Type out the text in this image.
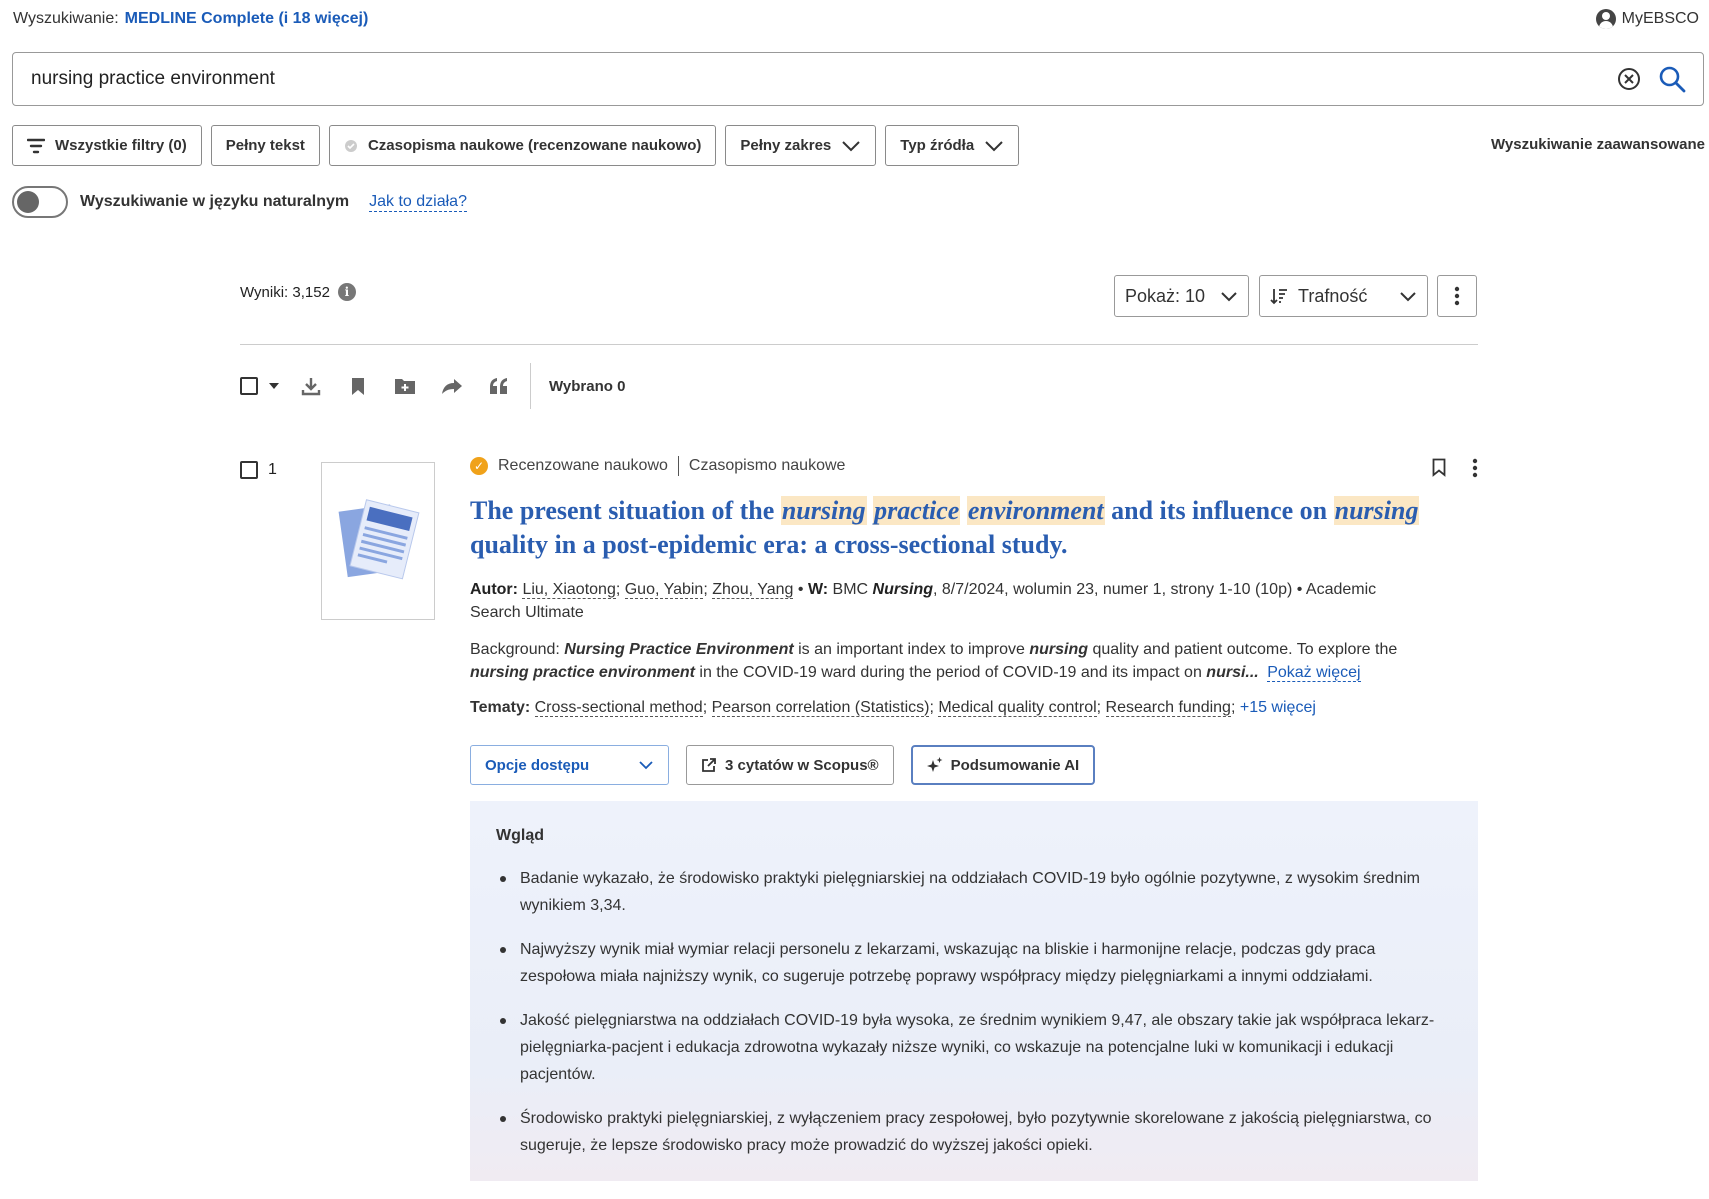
Wyszukiwanie: MEDLINE Complete (i 18 więcej)	MyEBSCO
nursing practice environment
Wszystkie filtry (0)	Pełny tekst	Czasopisma naukowe (recenzowane naukowo)	Pełny zakres	Typ źródła	Wyszukiwanie zaawansowane
Wyszukiwanie w języku naturalnym Jak to działa?
Wyniki: 3,152	i	Pokaż: 10	Trafność
Wybrano 0
1	✓ Recenzowane naukowo Czasopismo naukowe
The present situation of the nursing practice environment and its influence on nursing quality in a post-epidemic era: a cross-sectional study.
Autor: Liu, Xiaotong; Guo, Yabin; Zhou, Yang • W: BMC Nursing, 8/7/2024, wolumin 23, numer 1, strony 1-10 (10p) • Academic Search Ultimate
Background: Nursing Practice Environment is an important index to improve nursing quality and patient outcome. To explore the nursing practice environment in the COVID-19 ward during the period of COVID-19 and its impact on nursi... Pokaż więcej
Tematy: Cross-sectional method; Pearson correlation (Statistics); Medical quality control; Research funding; +15 więcej
Opcje dostępu	3 cytatów w Scopus®	Podsumowanie AI
Wgląd
Badanie wykazało, że środowisko praktyki pielęgniarskiej na oddziałach COVID-19 było ogólnie pozytywne, z wysokim średnim wynikiem 3,34.
Najwyższy wynik miał wymiar relacji personelu z lekarzami, wskazując na bliskie i harmonijne relacje, podczas gdy praca zespołowa miała najniższy wynik, co sugeruje potrzebę poprawy współpracy między pielęgniarkami a innymi oddziałami.
Jakość pielęgniarstwa na oddziałach COVID-19 była wysoka, ze średnim wynikiem 9,47, ale obszary takie jak współpraca lekarz-pielęgniarka-pacjent i edukacja zdrowotna wykazały niższe wyniki, co wskazuje na potencjalne luki w komunikacji i edukacji pacjentów.
Środowisko praktyki pielęgniarskiej, z wyłączeniem pracy zespołowej, było pozytywnie skorelowane z jakością pielęgniarstwa, co sugeruje, że lepsze środowisko pracy może prowadzić do wyższej jakości opieki.
